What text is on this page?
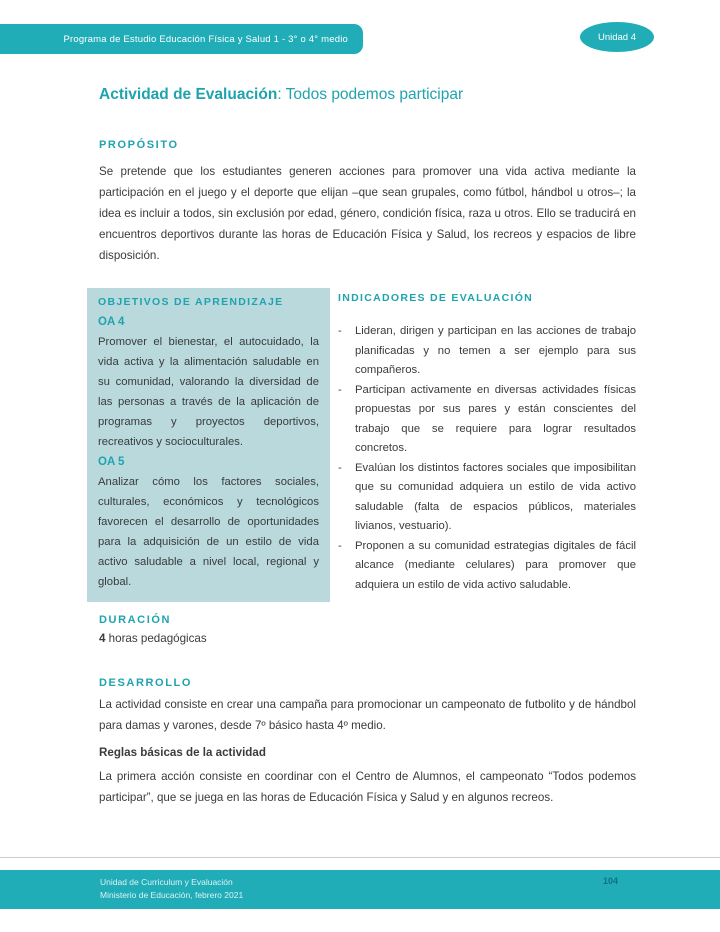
Programa de Estudio Educación Física y Salud 1 - 3° o 4° medio	Unidad 4
Actividad de Evaluación: Todos podemos participar
PROPÓSITO
Se pretende que los estudiantes generen acciones para promover una vida activa mediante la participación en el juego y el deporte que elijan –que sean grupales, como fútbol, hándbol u otros–; la idea es incluir a todos, sin exclusión por edad, género, condición física, raza u otros. Ello se traducirá en encuentros deportivos durante las horas de Educación Física y Salud, los recreos y espacios de libre disposición.
OBJETIVOS DE APRENDIZAJE
OA 4
Promover el bienestar, el autocuidado, la vida activa y la alimentación saludable en su comunidad, valorando la diversidad de las personas a través de la aplicación de programas y proyectos deportivos, recreativos y socioculturales.
OA 5
Analizar cómo los factores sociales, culturales, económicos y tecnológicos favorecen el desarrollo de oportunidades para la adquisición de un estilo de vida activo saludable a nivel local, regional y global.
INDICADORES DE EVALUACIÓN
- Lideran, dirigen y participan en las acciones de trabajo planificadas y no temen a ser ejemplo para sus compañeros.
- Participan activamente en diversas actividades físicas propuestas por sus pares y están conscientes del trabajo que se requiere para lograr resultados concretos.
- Evalúan los distintos factores sociales que imposibilitan que su comunidad adquiera un estilo de vida activo saludable (falta de espacios públicos, materiales livianos, vestuario).
- Proponen a su comunidad estrategias digitales de fácil alcance (mediante celulares) para promover que adquiera un estilo de vida activo saludable.
DURACIÓN
4 horas pedagógicas
DESARROLLO
La actividad consiste en crear una campaña para promocionar un campeonato de futbolito y de hándbol para damas y varones, desde 7º básico hasta 4º medio.
Reglas básicas de la actividad
La primera acción consiste en coordinar con el Centro de Alumnos, el campeonato “Todos podemos participar”, que se juega en las horas de Educación Física y Salud y en algunos recreos.
Unidad de Curriculum y Evaluación
Ministerio de Educación, febrero 2021
104
